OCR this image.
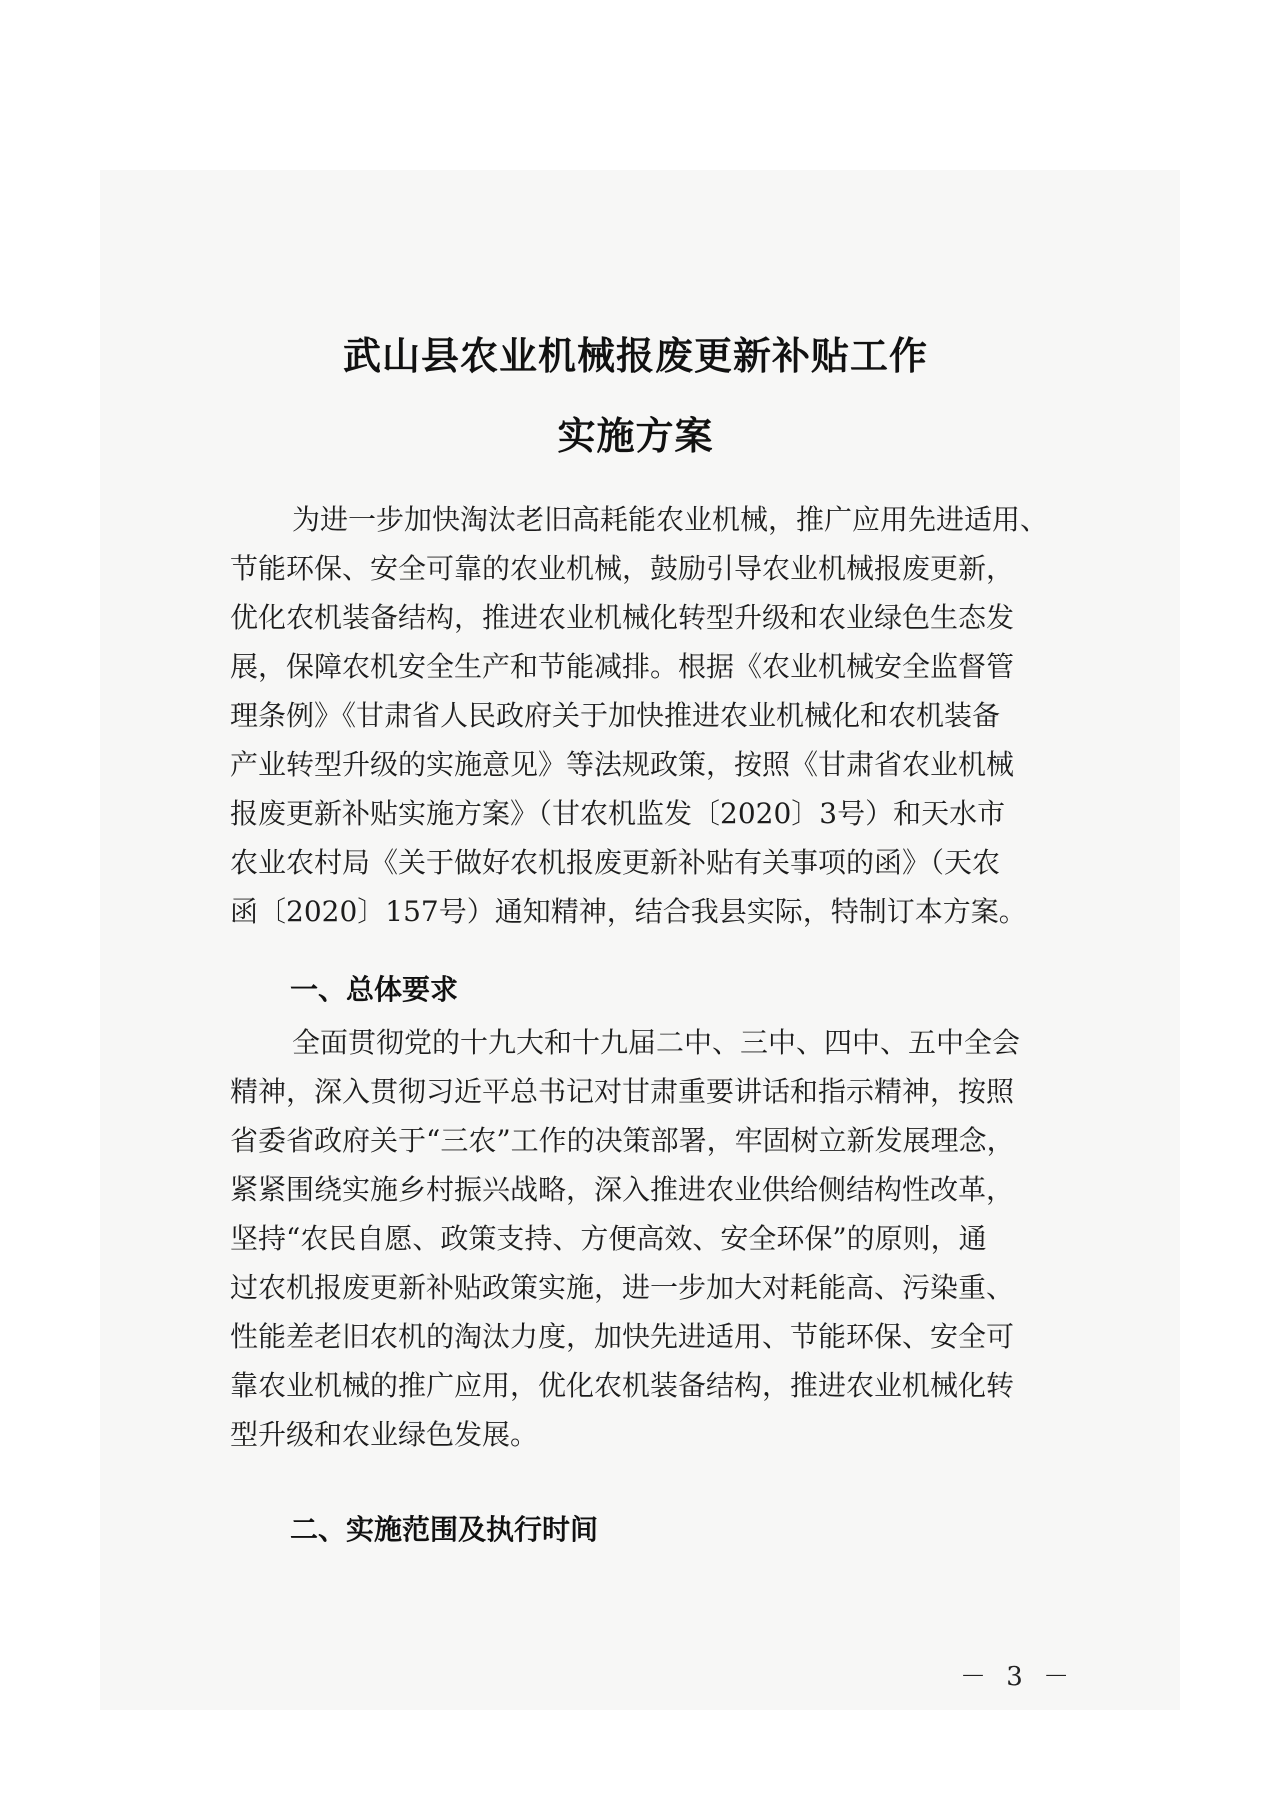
武山县农业机械报废更新补贴工作
实施方案
为进一步加快淘汰老旧高耗能农业机械，推广应用先进适用、
节能环保、安全可靠的农业机械，鼓励引导农业机械报废更新，
优化农机装备结构，推进农业机械化转型升级和农业绿色生态发
展，保障农机安全生产和节能减排。根据《农业机械安全监督管
理条例》《甘肃省人民政府关于加快推进农业机械化和农机装备
产业转型升级的实施意见》等法规政策，按照《甘肃省农业机械
报废更新补贴实施方案》（甘农机监发〔2020〕3号）和天水市
农业农村局《关于做好农机报废更新补贴有关事项的函》（天农
函〔2020〕157号）通知精神，结合我县实际，特制订本方案。
一、总体要求
全面贯彻党的十九大和十九届二中、三中、四中、五中全会
精神，深入贯彻习近平总书记对甘肃重要讲话和指示精神，按照
省委省政府关于“三农”工作的决策部署，牢固树立新发展理念，
紧紧围绕实施乡村振兴战略，深入推进农业供给侧结构性改革，
坚持“农民自愿、政策支持、方便高效、安全环保”的原则，通
过农机报废更新补贴政策实施，进一步加大对耗能高、污染重、
性能差老旧农机的淘汰力度，加快先进适用、节能环保、安全可
靠农业机械的推广应用，优化农机装备结构，推进农业机械化转
型升级和农业绿色发展。
二、实施范围及执行时间
－ 3 －
